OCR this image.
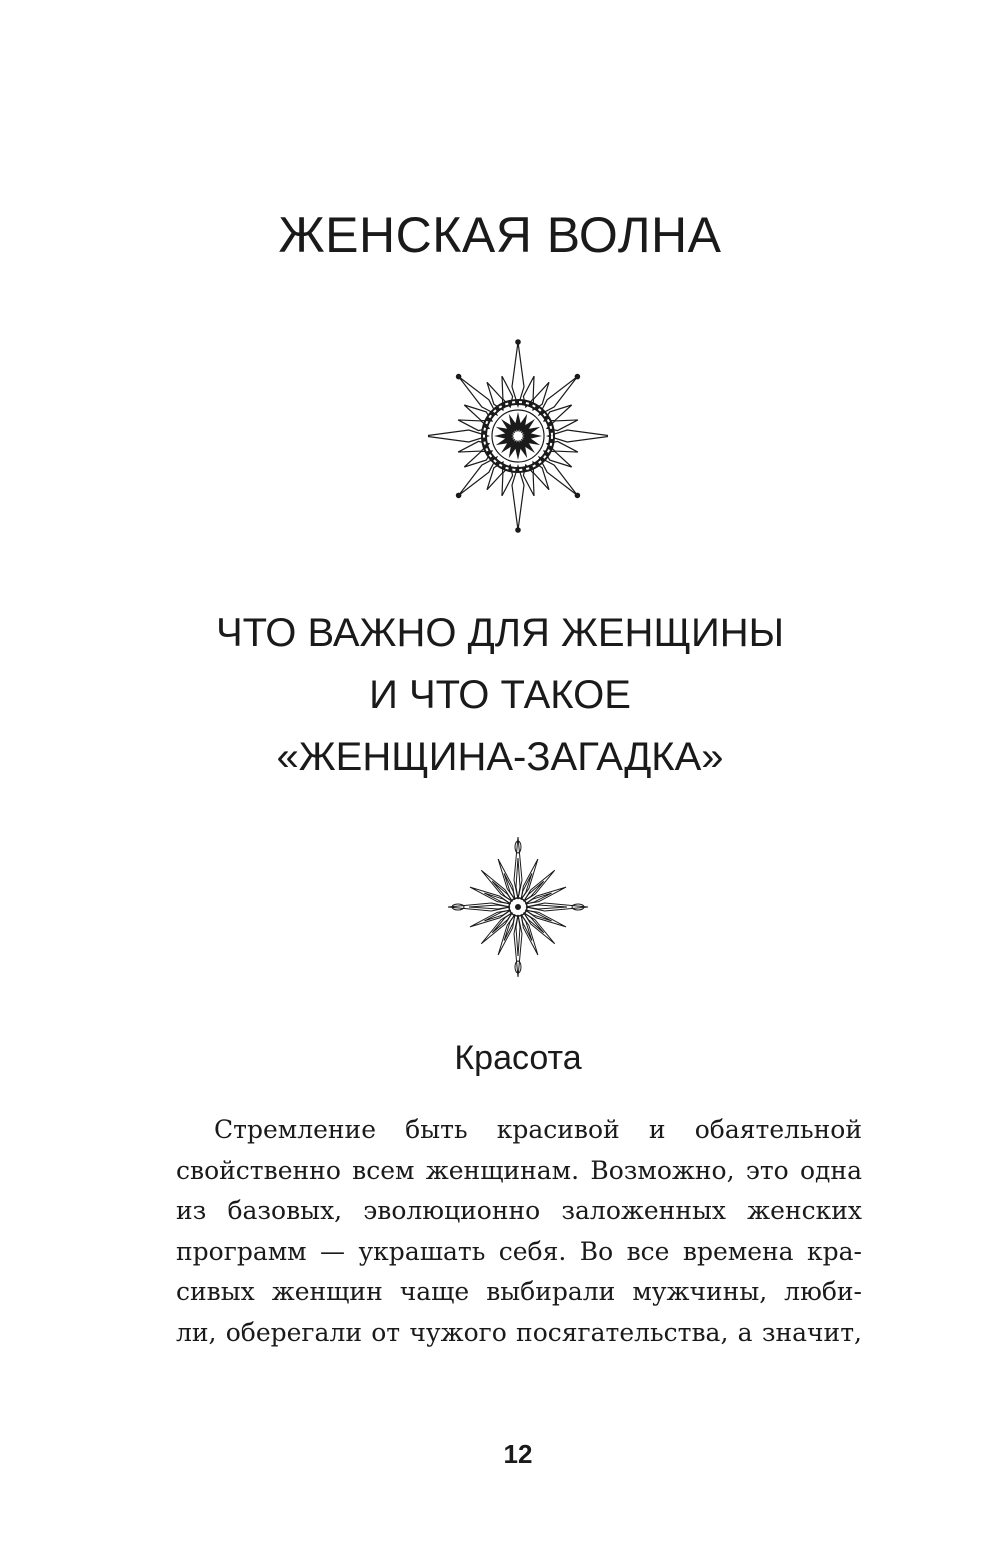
ЖЕНСКАЯ ВОЛНА
ЧТО ВАЖНО ДЛЯ ЖЕНЩИНЫ
И ЧТО ТАКОЕ
«ЖЕНЩИНА-ЗАГАДКА»
Красота

Стремление быть красивой и обаятельной
свойственно всем женщинам. Возможно, это одна
из базовых, эволюционно заложенных женских
программ — украшать себя. Во все времена кра-
сивых женщин чаще выбирали мужчины, люби-
ли, оберегали от чужого посягательства, а значит,

12
